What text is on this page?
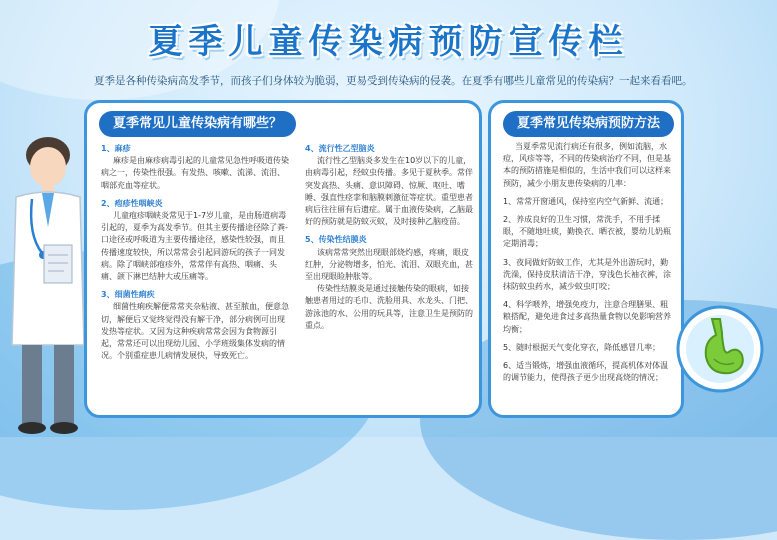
夏季儿童传染病预防宣传栏
夏季是各种传染病高发季节，而孩子们身体较为脆弱，更易受到传染病的侵袭。在夏季有哪些儿童常见的传染病？一起来看看吧。
夏季常见儿童传染病有哪些？
1、麻疹
麻疹是由麻疹病毒引起的儿童常见急性呼吸道传染病之一，传染性很强。有发热、咳嗽、流涕、流泪、咽部充血等症状。
2、疱疹性咽峡炎
儿童疱疹咽峡炎常见于1-7岁儿童，是由肠道病毒引起的，夏季为高发季节。但其主要传播途径除了粪-口途径或呼吸道为主要传播途径，感染性较强，而且传播速度较快，所以常常会引起同游玩的孩子一同发病。除了咽峡部疱疹外，常常伴有高热、咽痛、头痛、颌下淋巴结肿大或压痛等。
3、细菌性痢疾
细菌性痢疾解便常常夹杂粘液、甚至脓血，便意急切，解便后又觉终觉得没有解干净，部分病例可出现发热等症状。又因为这种疾病常常会因为食物源引起，常常还可以出现幼儿园、小学班级集体发病的情况。个别重症患儿病情发展快，导致死亡。
4、流行性乙型脑炎
流行性乙型脑炎多发生在10岁以下的儿童，由病毒引起，经蚊虫传播。多见于夏秋季。常伴突发高热、头痛、意识障碍、惊厥、呕吐、嗜睡、强直性痉挛和脑膜刺激征等症状。重型患者病后往往留有后遗症。属于血液传染病，乙脑最好的预防就是防蚊灭蚊，及时接种乙脑疫苗。
5、传染性结膜炎
该病常常突然出现眼部烧灼感，疼痛，眼皮红肿，分泌物增多，怕光、流泪、双眼充血，甚至出现眼睑肿胀等。
传染性结膜炎是通过接触传染的眼病，如接触患者用过的毛巾、洗脸用具、水龙头、门把、游泳池的水、公用的玩具等，注意卫生是预防的重点。
夏季常见传染病预防方法
当夏季常见流行病还有很多，例如流脑，水痘，风疹等等，不同的传染病治疗不同，但是基本的预防措施是相似的，生活中我们可以这样来预防，减少小朋友患传染病的几率：
1、常常开窗通风，保持室内空气新鲜、流通；
2、养成良好的卫生习惯，常洗手，不用手揉眼，不随地吐痰，勤换衣、晒衣被，婴幼儿奶瓶定期消毒；
3、夜间做好防蚊工作，尤其是外出游玩时，勤洗澡，保持皮肤清洁干净，穿浅色长袖衣裤，涂抹防蚊虫药水，减少蚊虫叮咬；
4、科学喂养，增强免疫力，注意合理膳果、粗粮搭配，避免进食过多高热量食物以免影响营养均衡；
5、随时根据天气变化穿衣，降低感冒几率；
6、适当锻炼，增强血液循环，提高机体对体温的调节能力，使得孩子更少出现高烧的情况；
